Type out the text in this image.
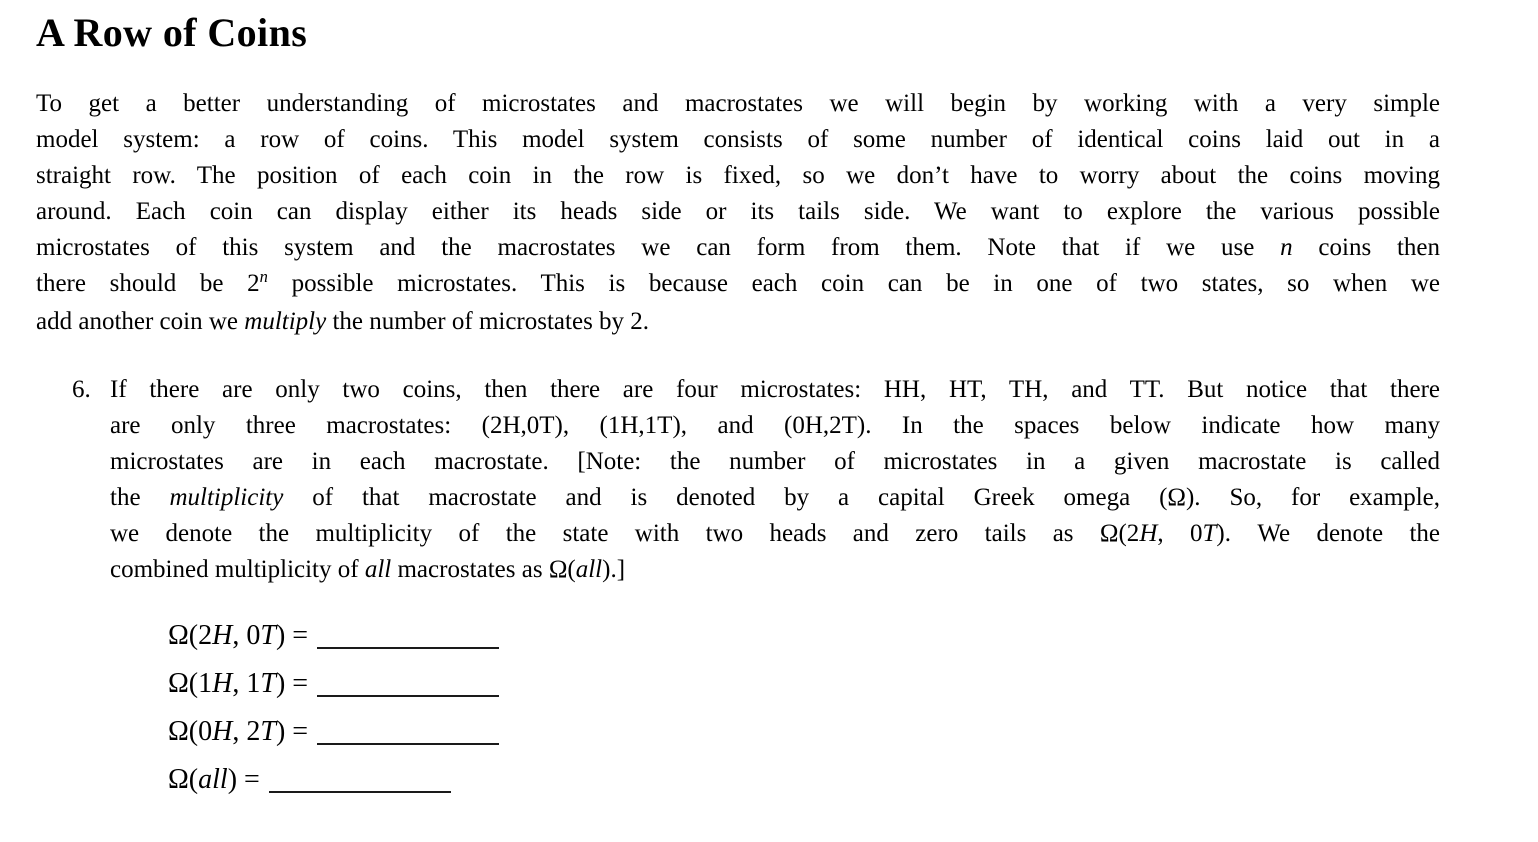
A Row of Coins
To get a better understanding of microstates and macrostates we will begin by working with a very simple
model system: a row of coins. This model system consists of some number of identical coins laid out in a
straight row. The position of each coin in the row is fixed, so we don’t have to worry about the coins moving
around. Each coin can display either its heads side or its tails side. We want to explore the various possible
microstates of this system and the macrostates we can form from them. Note that if we use n coins then
there should be 2$^n$ possible microstates. This is because each coin can be in one of two states, so when we
add another coin we multiply the number of microstates by 2.
6. If there are only two coins, then there are four microstates: HH, HT, TH, and TT. But notice that there
are only three macrostates: (2H,0T), (1H,1T), and (0H,2T). In the spaces below indicate how many
microstates are in each macrostate. [Note: the number of microstates in a given macrostate is called
the multiplicity of that macrostate and is denoted by a capital Greek omega (Ω). So, for example,
we denote the multiplicity of the state with two heads and zero tails as Ω(2H, 0T). We denote the
combined multiplicity of all macrostates as Ω(all).]
Ω(2H, 0T) =
Ω(1H, 1T) =
Ω(0H, 2T) =
Ω(all) =
